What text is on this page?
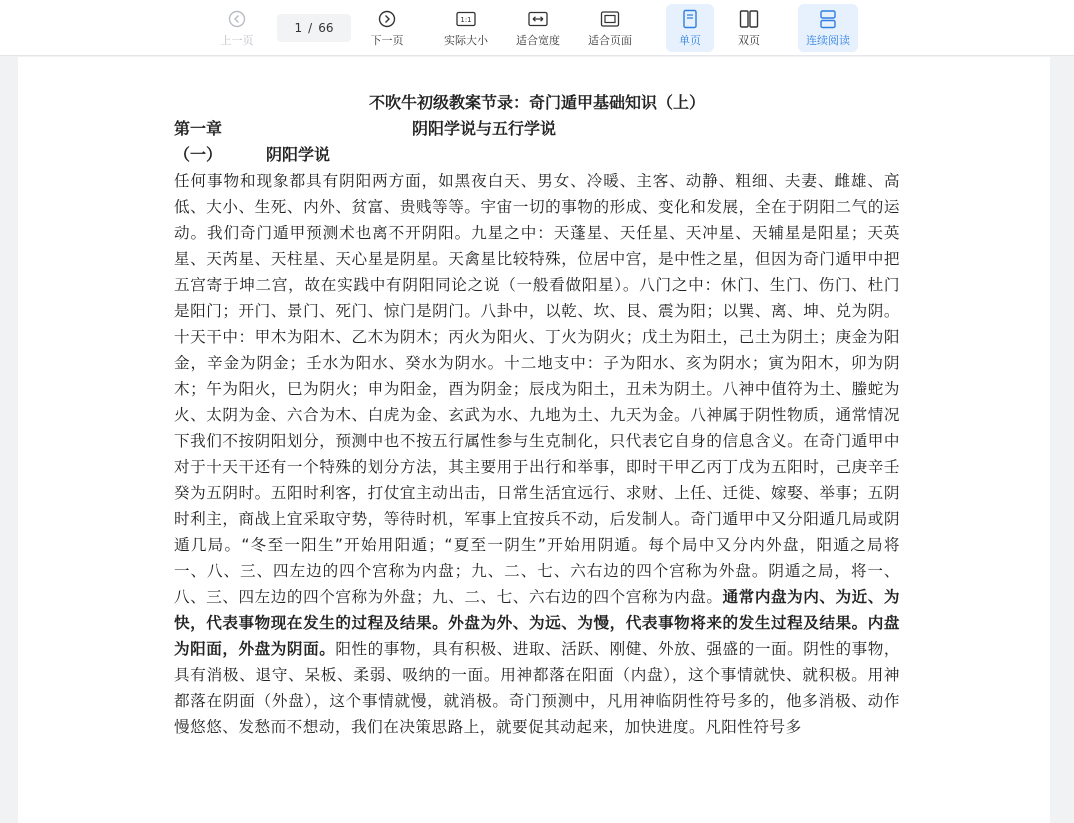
上一页
1 / 66
下一页
1:1
实际大小	适合宽度	适合页面	单页	双页	连续阅读
不吹牛初级教案节录：奇门遁甲基础知识（上）
第一章	阴阳学说与五行学说
（一）	阴阳学说
任何事物和现象都具有阴阳两方面，如黑夜白天、男女、冷暖、主客、动静、粗细、夫妻、雌雄、高低、大小、生死、内外、贫富、贵贱等等。宇宙一切的事物的形成、变化和发展，全在于阴阳二气的运动。我们奇门遁甲预测术也离不开阴阳。九星之中：天蓬星、天任星、天冲星、天辅星是阳星；天英星、天芮星、天柱星、天心星是阴星。天禽星比较特殊，位居中宫，是中性之星，但因为奇门遁甲中把五宫寄于坤二宫，故在实践中有阴阳同论之说（一般看做阳星）。八门之中：休门、生门、伤门、杜门是阳门；开门、景门、死门、惊门是阴门。八卦中，以乾、坎、艮、震为阳；以巽、离、坤、兑为阴。十天干中：甲木为阳木、乙木为阴木；丙火为阳火、丁火为阴火；戊土为阳土，己土为阴土；庚金为阳金，辛金为阴金；壬水为阳水、癸水为阴水。十二地支中：子为阳水、亥为阴水；寅为阳木，卯为阴木；午为阳火，巳为阴火；申为阳金，酉为阴金；辰戌为阳土，丑未为阴土。八神中值符为土、螣蛇为火、太阴为金、六合为木、白虎为金、玄武为水、九地为土、九天为金。八神属于阴性物质，通常情况下我们不按阴阳划分，预测中也不按五行属性参与生克制化，只代表它自身的信息含义。在奇门遁甲中对于十天干还有一个特殊的划分方法，其主要用于出行和举事，即时干甲乙丙丁戊为五阳时，己庚辛壬癸为五阴时。五阳时利客，打仗宜主动出击，日常生活宜远行、求财、上任、迁徙、嫁娶、举事；五阴时利主，商战上宜采取守势，等待时机，军事上宜按兵不动，后发制人。奇门遁甲中又分阳遁几局或阴遁几局。“冬至一阳生”开始用阳遁；“夏至一阴生”开始用阴遁。每个局中又分内外盘，阳遁之局将一、八、三、四左边的四个宫称为内盘；九、二、七、六右边的四个宫称为外盘。阴遁之局，将一、八、三、四左边的四个宫称为外盘；九、二、七、六右边的四个宫称为内盘。通常内盘为内、为近、为快，代表事物现在发生的过程及结果。外盘为外、为远、为慢，代表事物将来的发生过程及结果。内盘为阳面，外盘为阴面。阳性的事物，具有积极、进取、活跃、刚健、外放、强盛的一面。阴性的事物，具有消极、退守、呆板、柔弱、吸纳的一面。用神都落在阳面（内盘），这个事情就快、就积极。用神都落在阴面（外盘），这个事情就慢，就消极。奇门预测中，凡用神临阴性符号多的，他多消极、动作慢悠悠、发愁而不想动，我们在决策思路上，就要促其动起来，加快进度。凡阳性符号多
